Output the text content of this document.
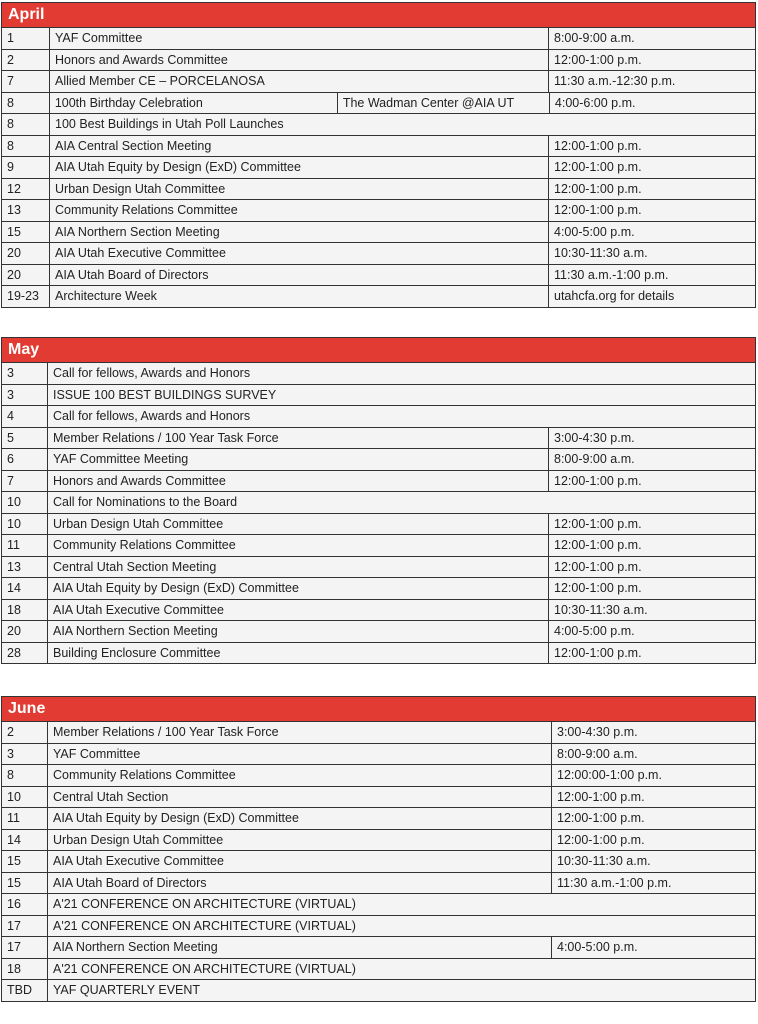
April
1	YAF Committee	8:00-9:00 a.m.
2	Honors and Awards Committee	12:00-1:00 p.m.
7	Allied Member CE – PORCELANOSA	11:30 a.m.-12:30 p.m.
8	100th Birthday Celebration	The Wadman Center @AIA UT	4:00-6:00 p.m.
8	100 Best Buildings in Utah Poll Launches
8	AIA Central Section Meeting	12:00-1:00 p.m.
9	AIA Utah Equity by Design (ExD) Committee	12:00-1:00 p.m.
12	Urban Design Utah Committee	12:00-1:00 p.m.
13	Community Relations Committee	12:00-1:00 p.m.
15	AIA Northern Section Meeting	4:00-5:00 p.m.
20	AIA Utah Executive Committee	10:30-11:30 a.m.
20	AIA Utah Board of Directors	11:30 a.m.-1:00 p.m.
19-23	Architecture Week	utahcfa.org for details
May
3	Call for fellows, Awards and Honors
3	ISSUE 100 BEST BUILDINGS SURVEY
4	Call for fellows, Awards and Honors
5	Member Relations / 100 Year Task Force	3:00-4:30 p.m.
6	YAF Committee Meeting	8:00-9:00 a.m.
7	Honors and Awards Committee	12:00-1:00 p.m.
10	Call for Nominations to the Board
10	Urban Design Utah Committee	12:00-1:00 p.m.
11	Community Relations Committee	12:00-1:00 p.m.
13	Central Utah Section Meeting	12:00-1:00 p.m.
14	AIA Utah Equity by Design (ExD) Committee	12:00-1:00 p.m.
18	AIA Utah Executive Committee	10:30-11:30 a.m.
20	AIA Northern Section Meeting	4:00-5:00 p.m.
28	Building Enclosure Committee	12:00-1:00 p.m.
June
2	Member Relations / 100 Year Task Force	3:00-4:30 p.m.
3	YAF Committee	8:00-9:00 a.m.
8	Community Relations Committee	12:00:00-1:00 p.m.
10	Central Utah Section	12:00-1:00 p.m.
11	AIA Utah Equity by Design (ExD) Committee	12:00-1:00 p.m.
14	Urban Design Utah Committee	12:00-1:00 p.m.
15	AIA Utah Executive Committee	10:30-11:30 a.m.
15	AIA Utah Board of Directors	11:30 a.m.-1:00 p.m.
16	A'21 CONFERENCE ON ARCHITECTURE (VIRTUAL)
17	A'21 CONFERENCE ON ARCHITECTURE (VIRTUAL)
17	AIA Northern Section Meeting	4:00-5:00 p.m.
18	A'21 CONFERENCE ON ARCHITECTURE (VIRTUAL)
TBD	YAF QUARTERLY EVENT
